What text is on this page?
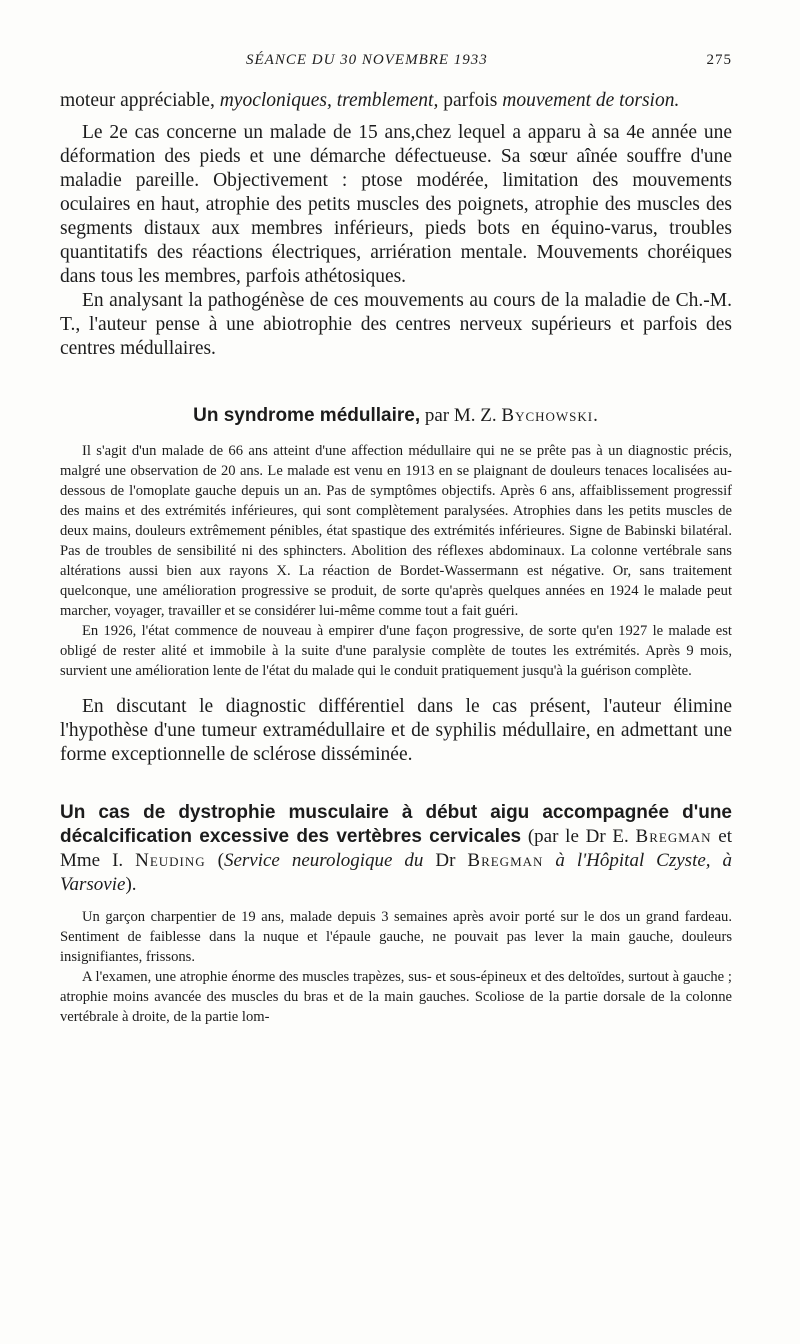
SÉANCE DU 30 NOVEMBRE 1933	275

moteur appréciable, myocloniques, tremblement, parfois mouvement de torsion.

Le 2e cas concerne un malade de 15 ans,chez lequel a apparu à sa 4e année une déformation des pieds et une démarche défectueuse. Sa sœur aînée souffre d'une maladie pareille. Objectivement : ptose modérée, limitation des mouvements oculaires en haut, atrophie des petits muscles des poignets, atrophie des muscles des segments distaux aux membres inférieurs, pieds bots en équino-varus, troubles quantitatifs des réactions électriques, arriération mentale. Mouvements choréiques dans tous les membres, parfois athétosiques.

En analysant la pathogénèse de ces mouvements au cours de la maladie de Ch.-M. T., l'auteur pense à une abiotrophie des centres nerveux supérieurs et parfois des centres médullaires.

Un syndrome médullaire, par M. Z. Bychowski.

Il s'agit d'un malade de 66 ans atteint d'une affection médullaire qui ne se prête pas à un diagnostic précis, malgré une observation de 20 ans. Le malade est venu en 1913 en se plaignant de douleurs tenaces localisées au-dessous de l'omoplate gauche depuis un an. Pas de symptômes objectifs. Après 6 ans, affaiblissement progressif des mains et des extrémités inférieures, qui sont complètement paralysées. Atrophies dans les petits muscles de deux mains, douleurs extrêmement pénibles, état spastique des extrémités inférieures. Signe de Babinski bilatéral. Pas de troubles de sensibilité ni des sphincters. Abolition des réflexes abdominaux. La colonne vertébrale sans altérations aussi bien aux rayons X. La réaction de Bordet-Wassermann est négative. Or, sans traitement quelconque, une amélioration progressive se produit, de sorte qu'après quelques années en 1924 le malade peut marcher, voyager, travailler et se considérer lui-même comme tout a fait guéri.

En 1926, l'état commence de nouveau à empirer d'une façon progressive, de sorte qu'en 1927 le malade est obligé de rester alité et immobile à la suite d'une paralysie complète de toutes les extrémités. Après 9 mois, survient une amélioration lente de l'état du malade qui le conduit pratiquement jusqu'à la guérison complète.

En discutant le diagnostic différentiel dans le cas présent, l'auteur élimine l'hypothèse d'une tumeur extramédullaire et de syphilis médullaire, en admettant une forme exceptionnelle de sclérose disséminée.

Un cas de dystrophie musculaire à début aigu accompagnée d'une décalcification excessive des vertèbres cervicales (par le Dr E. Bregman et Mme I. Neuding (Service neurologique du Dr Bregman à l'Hôpital Czyste, à Varsovie).

Un garçon charpentier de 19 ans, malade depuis 3 semaines après avoir porté sur le dos un grand fardeau. Sentiment de faiblesse dans la nuque et l'épaule gauche, ne pouvait pas lever la main gauche, douleurs insignifiantes, frissons.

A l'examen, une atrophie énorme des muscles trapèzes, sus- et sous-épineux et des deltoïdes, surtout à gauche ; atrophie moins avancée des muscles du bras et de la main gauches. Scoliose de la partie dorsale de la colonne vertébrale à droite, de la partie lom-
